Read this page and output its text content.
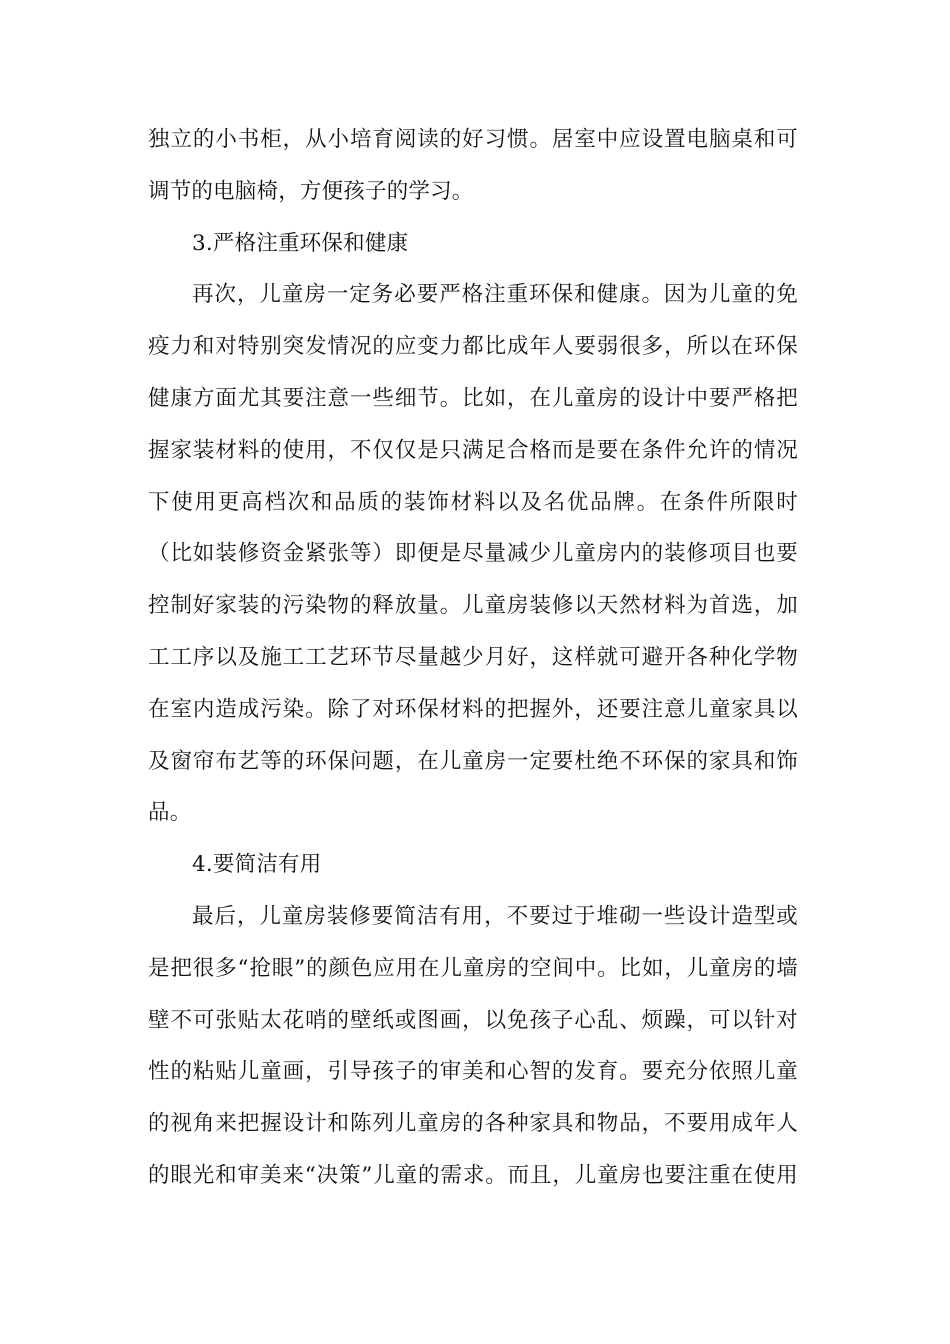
独立的小书柜，从小培育阅读的好习惯。居室中应设置电脑桌和可
调节的电脑椅，方便孩子的学习。
3.严格注重环保和健康
再次，儿童房一定务必要严格注重环保和健康。因为儿童的免
疫力和对特别突发情况的应变力都比成年人要弱很多，所以在环保
健康方面尤其要注意一些细节。比如，在儿童房的设计中要严格把
握家装材料的使用，不仅仅是只满足合格而是要在条件允许的情况
下使用更高档次和品质的装饰材料以及名优品牌。在条件所限时
（比如装修资金紧张等）即便是尽量减少儿童房内的装修项目也要
控制好家装的污染物的释放量。儿童房装修以天然材料为首选，加
工工序以及施工工艺环节尽量越少月好，这样就可避开各种化学物
在室内造成污染。除了对环保材料的把握外，还要注意儿童家具以
及窗帘布艺等的环保问题，在儿童房一定要杜绝不环保的家具和饰
品。
4.要简洁有用
最后，儿童房装修要简洁有用，不要过于堆砌一些设计造型或
是把很多“抢眼”的颜色应用在儿童房的空间中。比如，儿童房的墙
壁不可张贴太花哨的壁纸或图画，以免孩子心乱、烦躁，可以针对
性的粘贴儿童画，引导孩子的审美和心智的发育。要充分依照儿童
的视角来把握设计和陈列儿童房的各种家具和物品，不要用成年人
的眼光和审美来“决策”儿童的需求。而且，儿童房也要注重在使用
